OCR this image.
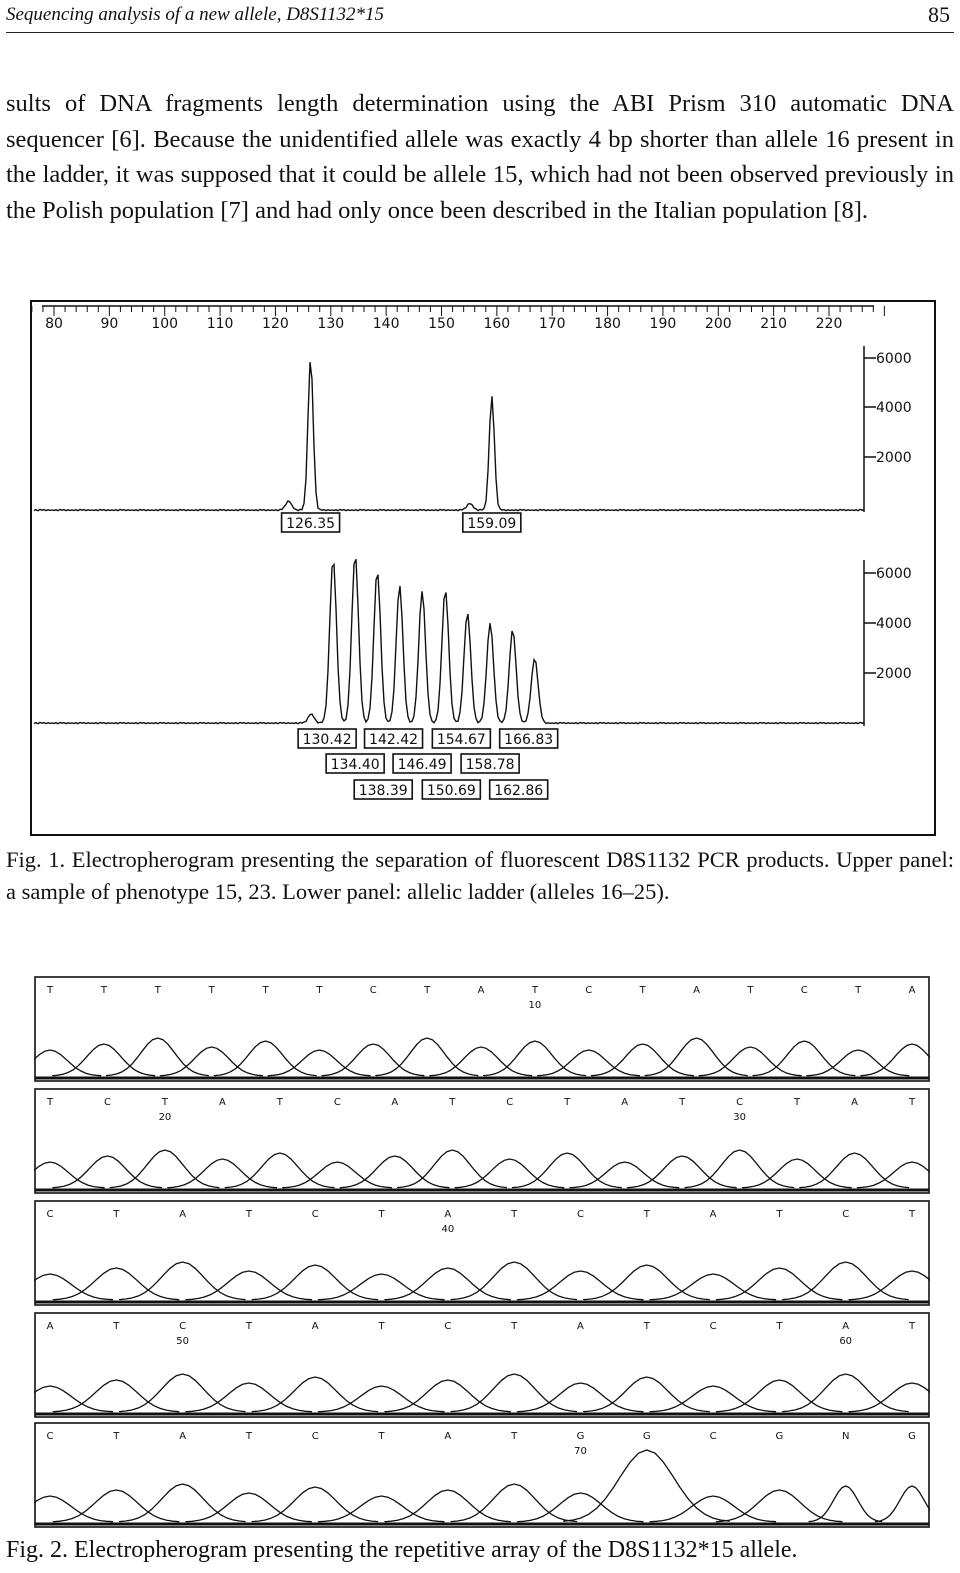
Sequencing analysis of a new allele, D8S1132*15	85

sults of DNA fragments length determination using the ABI Prism 310 automatic DNA sequencer [6]. Because the unidentified allele was exactly 4 bp shorter than allele 16 present in the ladder, it was supposed that it could be allele 15, which had not been observed previously in the Polish population [7] and had only once been described in the Italian population [8].

80	90 100 110 120 130 140 150 160 170 180 190 200 210 220
6000
4000
2000
6000
4000
2000
126.35	159.09
130.42
134.40
138.39
142.42
146.49
150.69
154.67
158.78
162.86
166.83

Fig. 1. Electropherogram presenting the separation of fluorescent D8S1132 PCR products. Upper panel: a sample of phenotype 15, 23. Lower panel: allelic ladder (alleles 16–25).

T	T	T	T	T	T	C	T	A	T	C	T	A	T	C	T	A
10
T	C	T	A	T	C	A	T	C	T	A	T	C	T	A	T
20	30
C	T	A	T	C	T	A	T	C	T	A	T	C	T
40
A	T	C	T	A	T	C	T	A	T	C	T	A	T
50	60
C	T	A	T	C	T	A	T	G	G	C	G	N	G
70

Fig. 2. Electropherogram presenting the repetitive array of the D8S1132*15 allele.
